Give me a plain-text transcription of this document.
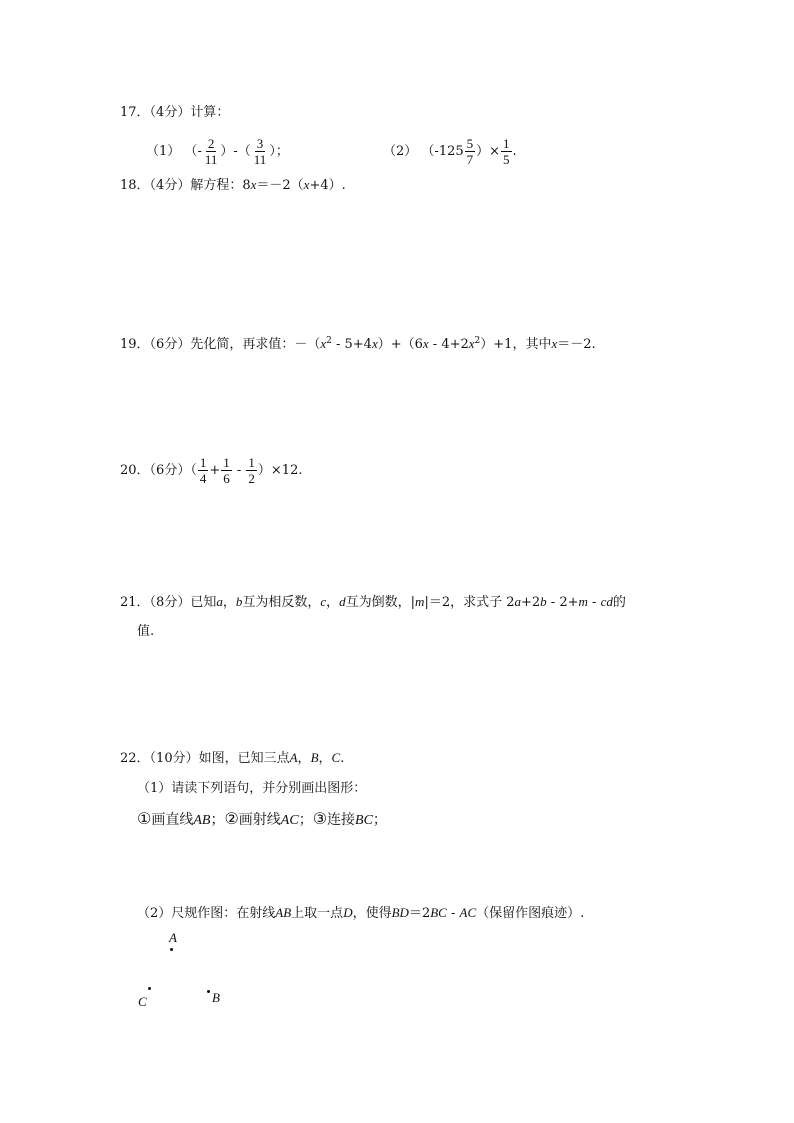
17．（4分）计算：
（1） （- $\frac{2}{11}$ ）-（ $\frac{3}{11}$ ）；	（2） （$-125 \frac{5}{7}$ ）× $\frac{1}{5}$ .
18．（4分）解方程：8x＝－2（x+4）.
19．（6分）先化简，再求值：$-(x^2 - 5+4x)+(6x - 4+2x^2)+1$，其中x＝－2.
20．（6分）（ $\frac{1}{4} + \frac{1}{6} - \frac{1}{2} )\times 12$.
21．（8分）已知a，b互为相反数，c，d互为倒数，|m|＝2，求式子 2a+2b - 2+m - cd的
值.
22．（10分）如图，已知三点A，B，C.
（1）请读下列语句，并分别画出图形：
①画直线AB；②画射线AC；③连接BC；
（2）尺规作图：在射线AB上取一点D，使得BD＝2BC - AC（保留作图痕迹）.
A
C	B
